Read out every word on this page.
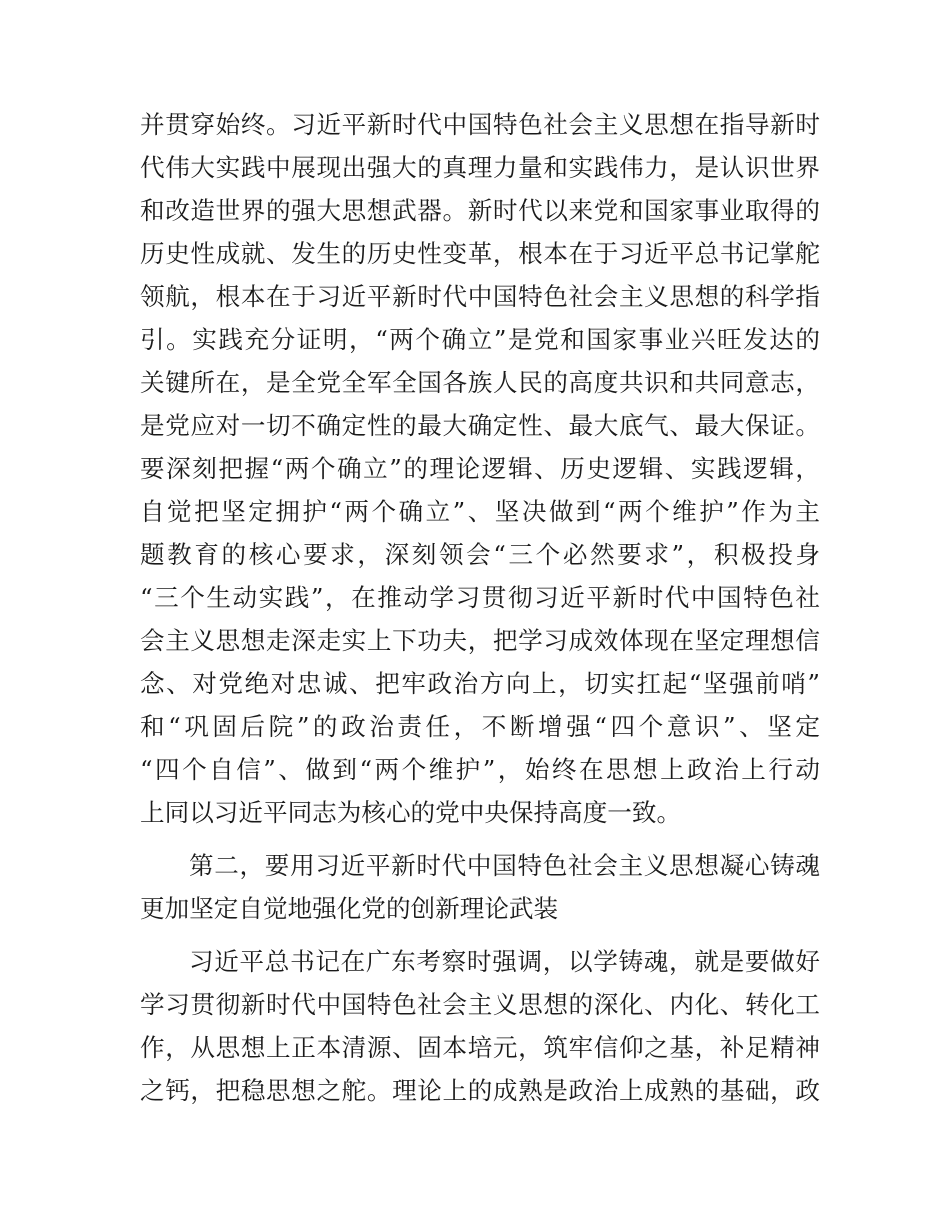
并贯穿始终。习近平新时代中国特色社会主义思想在指导新时

代伟大实践中展现出强大的真理力量和实践伟力，是认识世界

和改造世界的强大思想武器。新时代以来党和国家事业取得的

历史性成就、发生的历史性变革，根本在于习近平总书记掌舵

领航，根本在于习近平新时代中国特色社会主义思想的科学指

引。实践充分证明，“两个确立”是党和国家事业兴旺发达的

关键所在，是全党全军全国各族人民的高度共识和共同意志，

是党应对一切不确定性的最大确定性、最大底气、最大保证。

要深刻把握“两个确立”的理论逻辑、历史逻辑、实践逻辑，

自觉把坚定拥护“两个确立”、坚决做到“两个维护”作为主

题教育的核心要求，深刻领会“三个必然要求”，积极投身

“三个生动实践”，在推动学习贯彻习近平新时代中国特色社

会主义思想走深走实上下功夫，把学习成效体现在坚定理想信

念、对党绝对忠诚、把牢政治方向上，切实扛起“坚强前哨”

和“巩固后院”的政治责任，不断增强“四个意识”、坚定

“四个自信”、做到“两个维护”，始终在思想上政治上行动

上同以习近平同志为核心的党中央保持高度一致。

第二，要用习近平新时代中国特色社会主义思想凝心铸魂

更加坚定自觉地强化党的创新理论武装

习近平总书记在广东考察时强调，以学铸魂，就是要做好

学习贯彻新时代中国特色社会主义思想的深化、内化、转化工

作，从思想上正本清源、固本培元，筑牢信仰之基，补足精神

之钙，把稳思想之舵。理论上的成熟是政治上成熟的基础，政
